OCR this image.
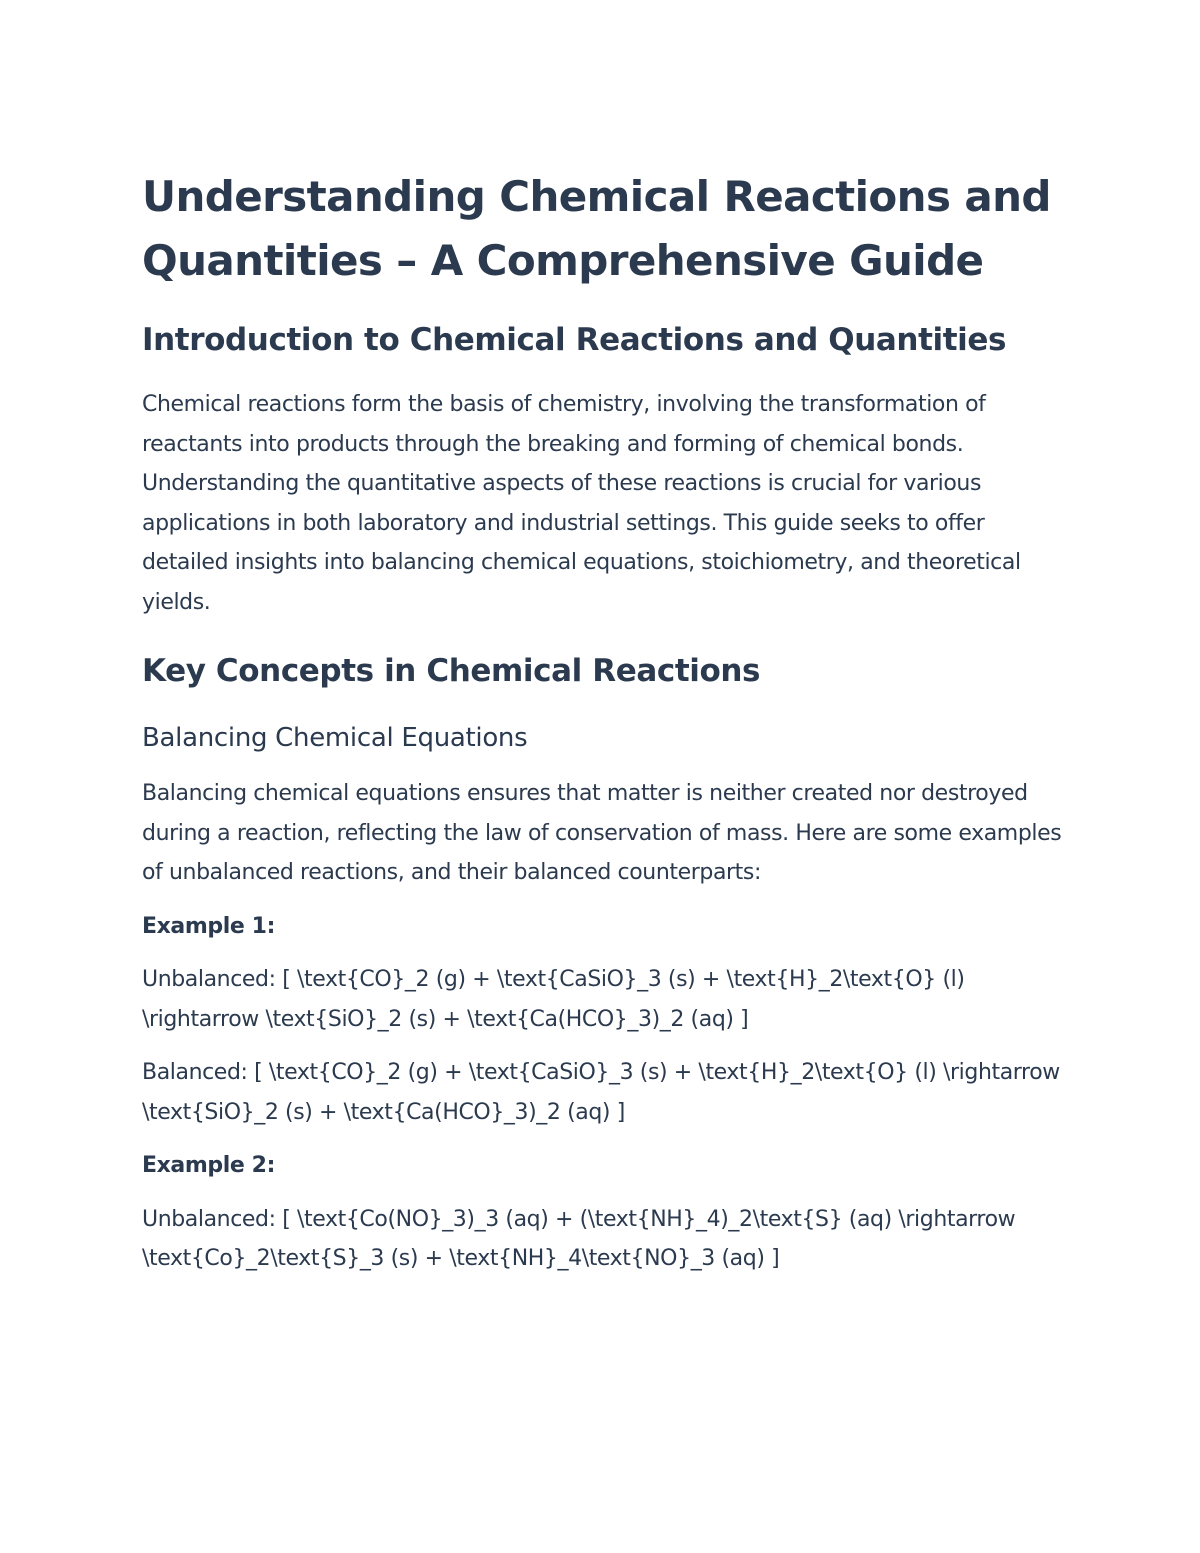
Understanding Chemical Reactions and Quantities – A Comprehensive Guide
Introduction to Chemical Reactions and Quantities

Chemical reactions form the basis of chemistry, involving the transformation of reactants into products through the breaking and forming of chemical bonds. Understanding the quantitative aspects of these reactions is crucial for various applications in both laboratory and industrial settings. This guide seeks to offer detailed insights into balancing chemical equations, stoichiometry, and theoretical yields.

Key Concepts in Chemical Reactions
Balancing Chemical Equations

Balancing chemical equations ensures that matter is neither created nor destroyed during a reaction, reflecting the law of conservation of mass. Here are some examples of unbalanced reactions, and their balanced counterparts:

Example 1:

Unbalanced: [ \text{CO}_2 (g) + \text{CaSiO}_3 (s) + \text{H}_2\text{O} (l) \rightarrow \text{SiO}_2 (s) + \text{Ca(HCO}_3)_2 (aq) ]

Balanced: [ \text{CO}_2 (g) + \text{CaSiO}_3 (s) + \text{H}_2\text{O} (l) \rightarrow \text{SiO}_2 (s) + \text{Ca(HCO}_3)_2 (aq) ]

Example 2:

Unbalanced: [ \text{Co(NO}_3)_3 (aq) + (\text{NH}_4)_2\text{S} (aq) \rightarrow \text{Co}_2\text{S}_3 (s) + \text{NH}_4\text{NO}_3 (aq) ]
